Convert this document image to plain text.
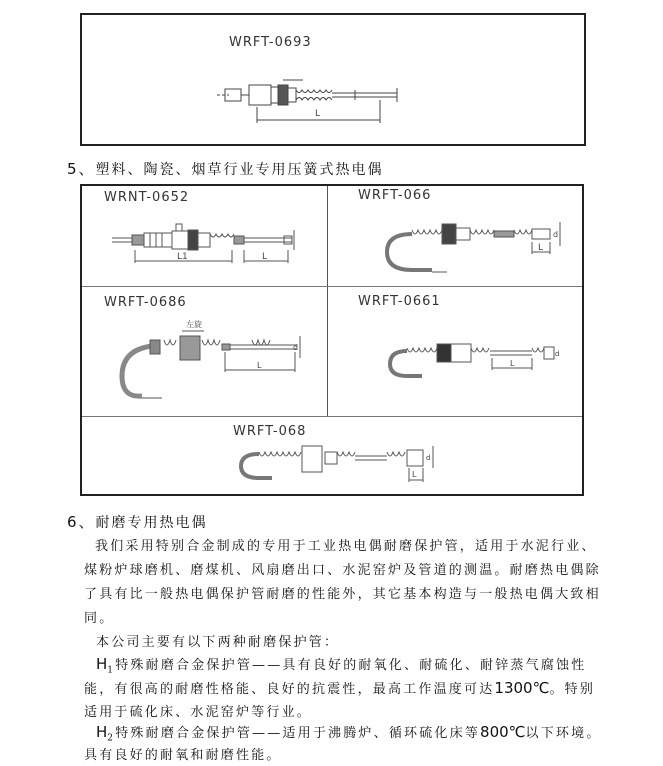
WRFT-0693
L
5、塑料、陶瓷、烟草行业专用压簧式热电偶
WRNT-0652
L1	L
WRFT-066
L
d
WRFT-0686
左旋
L
d
WRFT-0661
L
d
WRFT-068
L
d
6、耐磨专用热电偶
我们采用特别合金制成的专用于工业热电偶耐磨保护管，适用于水泥行业、
煤粉炉球磨机、磨煤机、风扇磨出口、水泥窑炉及管道的测温。耐磨热电偶除
了具有比一般热电偶保护管耐磨的性能外，其它基本构造与一般热电偶大致相
同。
本公司主要有以下两种耐磨保护管：
$H_1$特殊耐磨合金保护管——具有良好的耐氧化、耐硫化、耐锌蒸气腐蚀性
能，有很高的耐磨性格能、良好的抗震性，最高工作温度可达1300℃。特别
适用于硫化床、水泥窑炉等行业。
$H_2$特殊耐磨合金保护管——适用于沸腾炉、循环硫化床等800℃以下环境。
具有良好的耐氧和耐磨性能。
